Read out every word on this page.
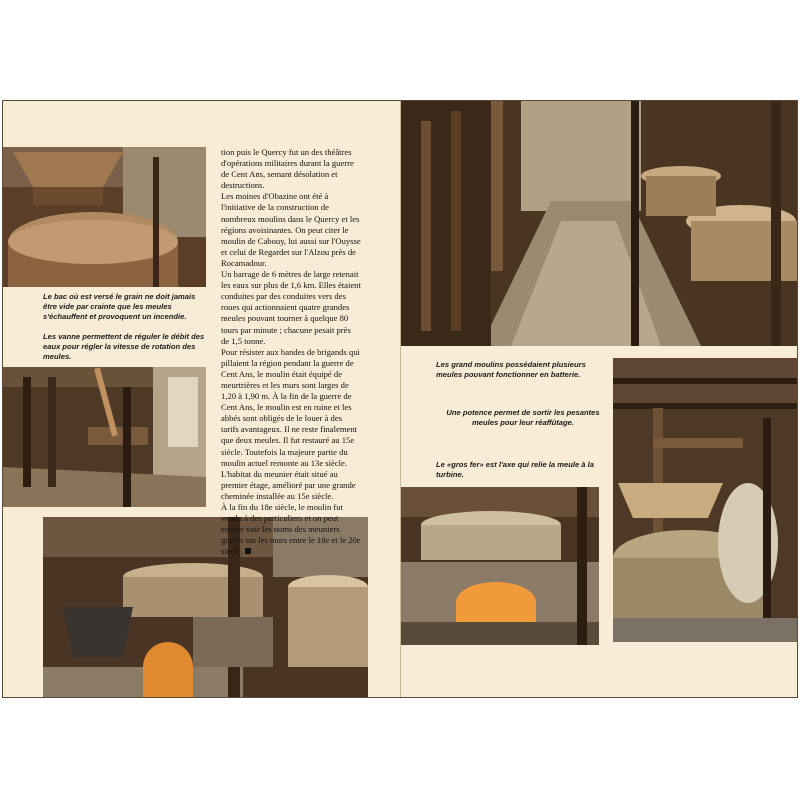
Le bac où est versé le grain ne doit jamais être vide par crainte que les meules s'échauffent et provoquent un incendie.
Les vanne permettent de réguler le débit des eaux pour régler la vitesse de rotation des meules.

tion puis le Quercy fut un des théâtres d'opérations militaires durant la guerre de Cent Ans, semant désolation et destructions.

Les moines d'Obazine ont été à l'initiative de la construction de nombreux moulins dans le Quercy et les régions avoisinantes. On peut citer le moulin de Cabouy, lui aussi sur l'Ouysse et celui de Regardet sur l'Alzou près de Rocamadour.

Un barrage de 6 mètres de large retenait les eaux sur plus de 1,6 km. Elles étaient conduites par des conduites vers des roues qui actionnaient quatre grandes meules pouvant tourner à quelque 80 tours par minute ; chacune pesait près de 1,5 tonne.

Pour résister aux bandes de brigands qui pillaient la région pendant la guerre de Cent Ans, le moulin était équipé de meurtrières et les murs sont larges de 1,20 à 1,90 m. À la fin de la guerre de Cent Ans, le moulin est en ruine et les abbés sont obligés de le louer à des tarifs avantageux. Il ne reste finalement que deux meules. Il fut restauré au 15e siècle. Toutefois la majeure partie du moulin actuel remonte au 13e siècle.

L'habitat du meunier était situé au premier étage, amélioré par une grande cheminée installée au 15e siècle.

À la fin du 18e siècle, le moulin fut vendu à des particuliers et on peut encore voir les noms des meuniers gravés sur les murs entre le 18e et le 20e siècle.

Les grand moulins possédaient plusieurs meules pouvant fonctionner en batterie.
Une potence permet de sortir les pesantes meules pour leur réaffûtage.
Le «gros fer» est l'axe qui relie la meule à la turbine.
